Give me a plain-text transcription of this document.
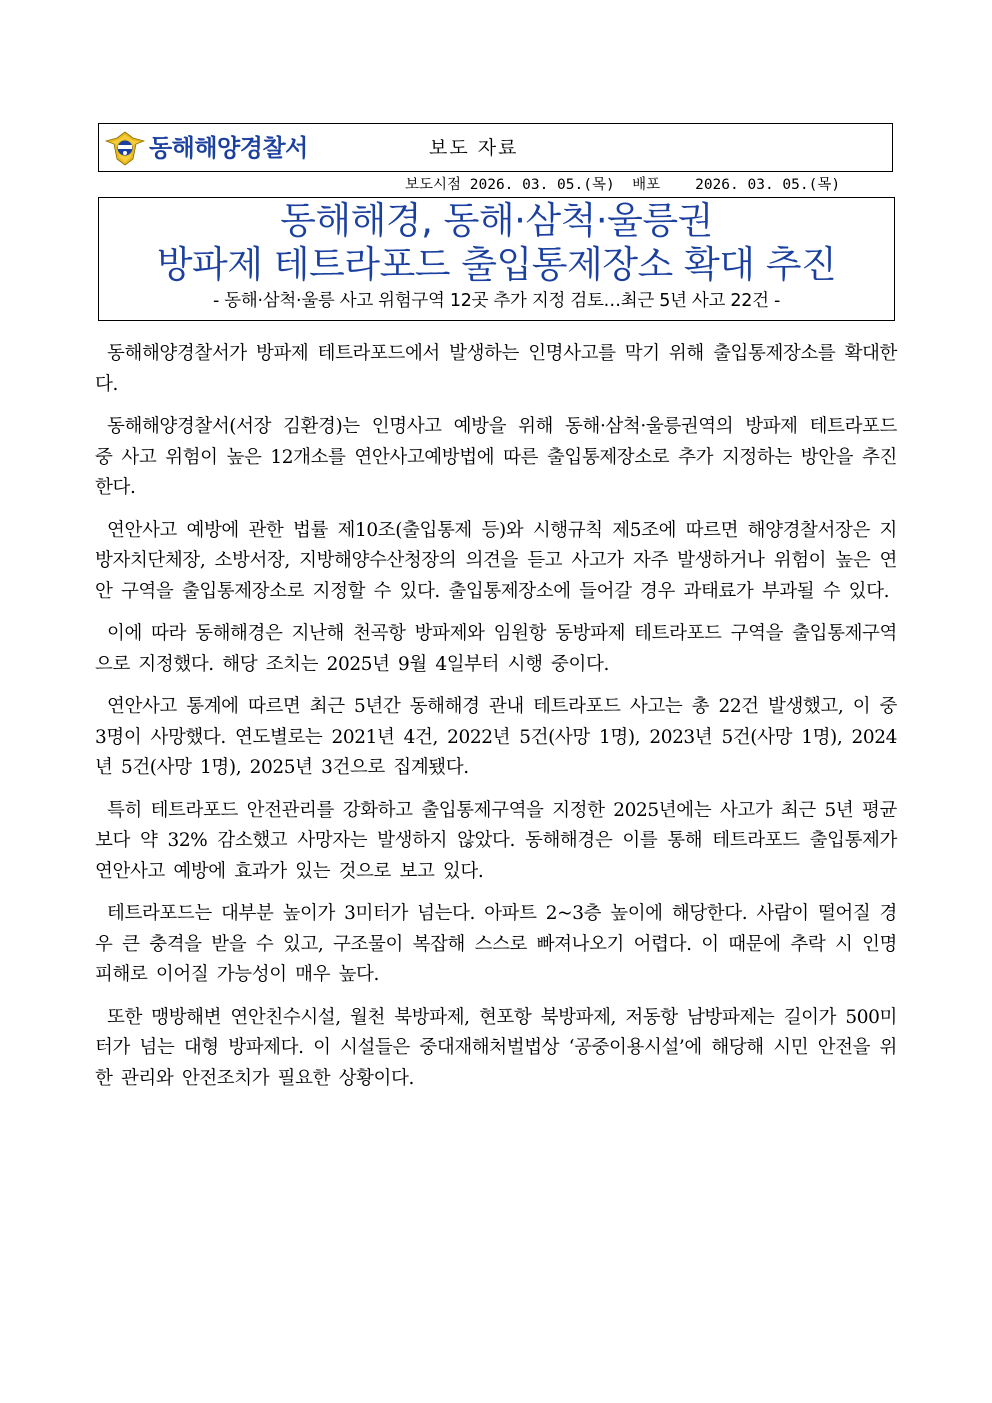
동해해양경찰서	보도 자료
보도시점 2026. 03. 05.(목)  배포    2026. 03. 05.(목)
동해해경, 동해·삼척·울릉권
방파제 테트라포드 출입통제장소 확대 추진
- 동해·삼척·울릉 사고 위험구역 12곳 추가 지정 검토…최근 5년 사고 22건 -

동해해양경찰서가 방파제 테트라포드에서 발생하는 인명사고를 막기 위해 출입통제장소를 확대한다.

동해해양경찰서(서장 김환경)는 인명사고 예방을 위해 동해·삼척·울릉권역의 방파제 테트라포드 중 사고 위험이 높은 12개소를 연안사고예방법에 따른 출입통제장소로 추가 지정하는 방안을 추진한다.

연안사고 예방에 관한 법률 제10조(출입통제 등)와 시행규칙 제5조에 따르면 해양경찰서장은 지방자치단체장, 소방서장, 지방해양수산청장의 의견을 듣고 사고가 자주 발생하거나 위험이 높은 연안 구역을 출입통제장소로 지정할 수 있다. 출입통제장소에 들어갈 경우 과태료가 부과될 수 있다.

이에 따라 동해해경은 지난해 천곡항 방파제와 임원항 동방파제 테트라포드 구역을 출입통제구역으로 지정했다. 해당 조치는 2025년 9월 4일부터 시행 중이다.

연안사고 통계에 따르면 최근 5년간 동해해경 관내 테트라포드 사고는 총 22건 발생했고, 이 중 3명이 사망했다. 연도별로는 2021년 4건, 2022년 5건(사망 1명), 2023년 5건(사망 1명), 2024년 5건(사망 1명), 2025년 3건으로 집계됐다.

특히 테트라포드 안전관리를 강화하고 출입통제구역을 지정한 2025년에는 사고가 최근 5년 평균보다 약 32% 감소했고 사망자는 발생하지 않았다. 동해해경은 이를 통해 테트라포드 출입통제가 연안사고 예방에 효과가 있는 것으로 보고 있다.

테트라포드는 대부분 높이가 3미터가 넘는다. 아파트 2~3층 높이에 해당한다. 사람이 떨어질 경우 큰 충격을 받을 수 있고, 구조물이 복잡해 스스로 빠져나오기 어렵다. 이 때문에 추락 시 인명피해로 이어질 가능성이 매우 높다.

또한 맹방해변 연안친수시설, 월천 북방파제, 현포항 북방파제, 저동항 남방파제는 길이가 500미터가 넘는 대형 방파제다. 이 시설들은 중대재해처벌법상 ‘공중이용시설’에 해당해 시민 안전을 위한 관리와 안전조치가 필요한 상황이다.
